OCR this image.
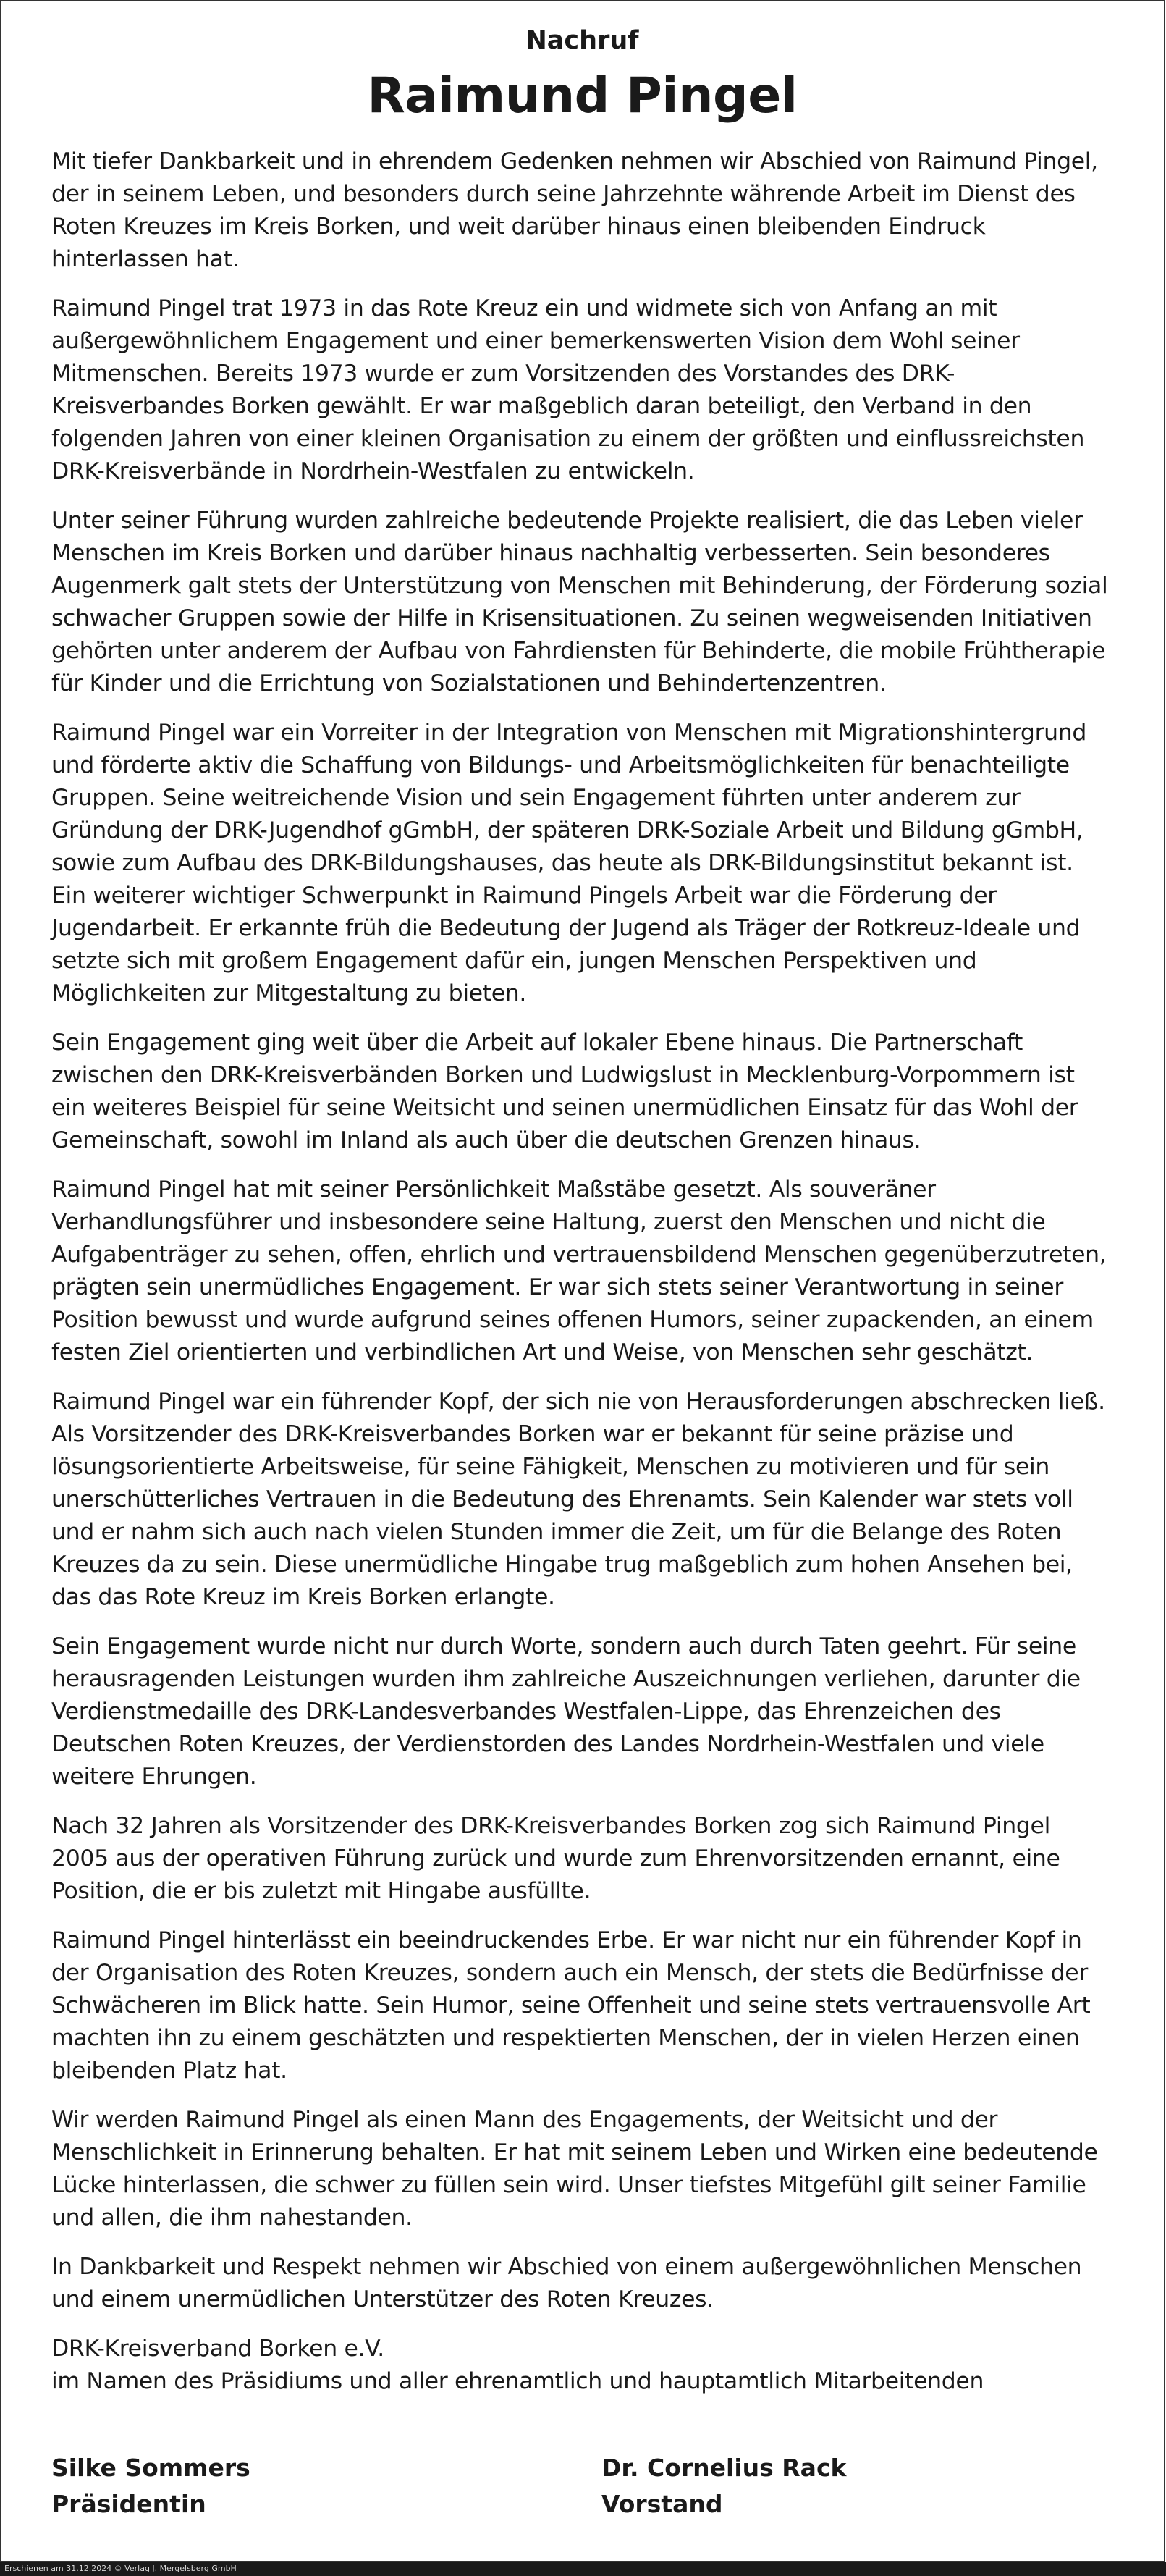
Nachruf
Raimund Pingel

Mit tiefer Dankbarkeit und in ehrendem Gedenken nehmen wir Abschied von Raimund Pingel, der in seinem Leben, und besonders durch seine Jahrzehnte währende Arbeit im Dienst des Roten Kreuzes im Kreis Borken, und weit darüber hinaus einen bleibenden Eindruck hinterlassen hat.

Raimund Pingel trat 1973 in das Rote Kreuz ein und widmete sich von Anfang an mit außergewöhnlichem Engagement und einer bemerkenswerten Vision dem Wohl seiner Mitmenschen. Bereits 1973 wurde er zum Vorsitzenden des Vorstandes des DRK-Kreisverbandes Borken gewählt. Er war maßgeblich daran beteiligt, den Verband in den folgenden Jahren von einer kleinen Organisation zu einem der größten und einflussreichsten DRK-Kreisverbände in Nordrhein-Westfalen zu entwickeln.

Unter seiner Führung wurden zahlreiche bedeutende Projekte realisiert, die das Leben vieler Menschen im Kreis Borken und darüber hinaus nachhaltig verbesserten. Sein besonderes Augenmerk galt stets der Unterstützung von Menschen mit Behinderung, der Förderung sozial schwacher Gruppen sowie der Hilfe in Krisensituationen. Zu seinen wegweisenden Initiativen gehörten unter anderem der Aufbau von Fahrdiensten für Behinderte, die mobile Frühtherapie für Kinder und die Errichtung von Sozialstationen und Behindertenzentren.

Raimund Pingel war ein Vorreiter in der Integration von Menschen mit Migrationshintergrund und förderte aktiv die Schaffung von Bildungs- und Arbeitsmöglichkeiten für benachteiligte Gruppen. Seine weitreichende Vision und sein Engagement führten unter anderem zur Gründung der DRK-Jugendhof gGmbH, der späteren DRK-Soziale Arbeit und Bildung gGmbH, sowie zum Aufbau des DRK-Bildungshauses, das heute als DRK-Bildungsinstitut bekannt ist. Ein weiterer wichtiger Schwerpunkt in Raimund Pingels Arbeit war die Förderung der Jugendarbeit. Er erkannte früh die Bedeutung der Jugend als Träger der Rotkreuz-Ideale und setzte sich mit großem Engagement dafür ein, jungen Menschen Perspektiven und Möglichkeiten zur Mitgestaltung zu bieten.

Sein Engagement ging weit über die Arbeit auf lokaler Ebene hinaus. Die Partnerschaft zwischen den DRK-Kreisverbänden Borken und Ludwigslust in Mecklenburg-Vorpommern ist ein weiteres Beispiel für seine Weitsicht und seinen unermüdlichen Einsatz für das Wohl der Gemeinschaft, sowohl im Inland als auch über die deutschen Grenzen hinaus.

Raimund Pingel hat mit seiner Persönlichkeit Maßstäbe gesetzt. Als souveräner Verhandlungsführer und insbesondere seine Haltung, zuerst den Menschen und nicht die Aufgabenträger zu sehen, offen, ehrlich und vertrauensbildend Menschen gegenüberzutreten, prägten sein unermüdliches Engagement. Er war sich stets seiner Verantwortung in seiner Position bewusst und wurde aufgrund seines offenen Humors, seiner zupackenden, an einem festen Ziel orientierten und verbindlichen Art und Weise, von Menschen sehr geschätzt.

Raimund Pingel war ein führender Kopf, der sich nie von Herausforderungen abschrecken ließ. Als Vorsitzender des DRK-Kreisverbandes Borken war er bekannt für seine präzise und lösungsorientierte Arbeitsweise, für seine Fähigkeit, Menschen zu motivieren und für sein unerschütterliches Vertrauen in die Bedeutung des Ehrenamts. Sein Kalender war stets voll und er nahm sich auch nach vielen Stunden immer die Zeit, um für die Belange des Roten Kreuzes da zu sein. Diese unermüdliche Hingabe trug maßgeblich zum hohen Ansehen bei, das das Rote Kreuz im Kreis Borken erlangte.

Sein Engagement wurde nicht nur durch Worte, sondern auch durch Taten geehrt. Für seine herausragenden Leistungen wurden ihm zahlreiche Auszeichnungen verliehen, darunter die Verdienstmedaille des DRK-Landesverbandes Westfalen-Lippe, das Ehrenzeichen des Deutschen Roten Kreuzes, der Verdienstorden des Landes Nordrhein-Westfalen und viele weitere Ehrungen.

Nach 32 Jahren als Vorsitzender des DRK-Kreisverbandes Borken zog sich Raimund Pingel 2005 aus der operativen Führung zurück und wurde zum Ehrenvorsitzenden ernannt, eine Position, die er bis zuletzt mit Hingabe ausfüllte.

Raimund Pingel hinterlässt ein beeindruckendes Erbe. Er war nicht nur ein führender Kopf in der Organisation des Roten Kreuzes, sondern auch ein Mensch, der stets die Bedürfnisse der Schwächeren im Blick hatte. Sein Humor, seine Offenheit und seine stets vertrauensvolle Art machten ihn zu einem geschätzten und respektierten Menschen, der in vielen Herzen einen bleibenden Platz hat.

Wir werden Raimund Pingel als einen Mann des Engagements, der Weitsicht und der Menschlichkeit in Erinnerung behalten. Er hat mit seinem Leben und Wirken eine bedeutende Lücke hinterlassen, die schwer zu füllen sein wird. Unser tiefstes Mitgefühl gilt seiner Familie und allen, die ihm nahestanden.

In Dankbarkeit und Respekt nehmen wir Abschied von einem außergewöhnlichen Menschen und einem unermüdlichen Unterstützer des Roten Kreuzes.

DRK-Kreisverband Borken e.V.
im Namen des Präsidiums und aller ehrenamtlich und hauptamtlich Mitarbeitenden
Silke Sommers
Präsidentin
Dr. Cornelius Rack
Vorstand
Erschienen am 31.12.2024 © Verlag J. Mergelsberg GmbH
